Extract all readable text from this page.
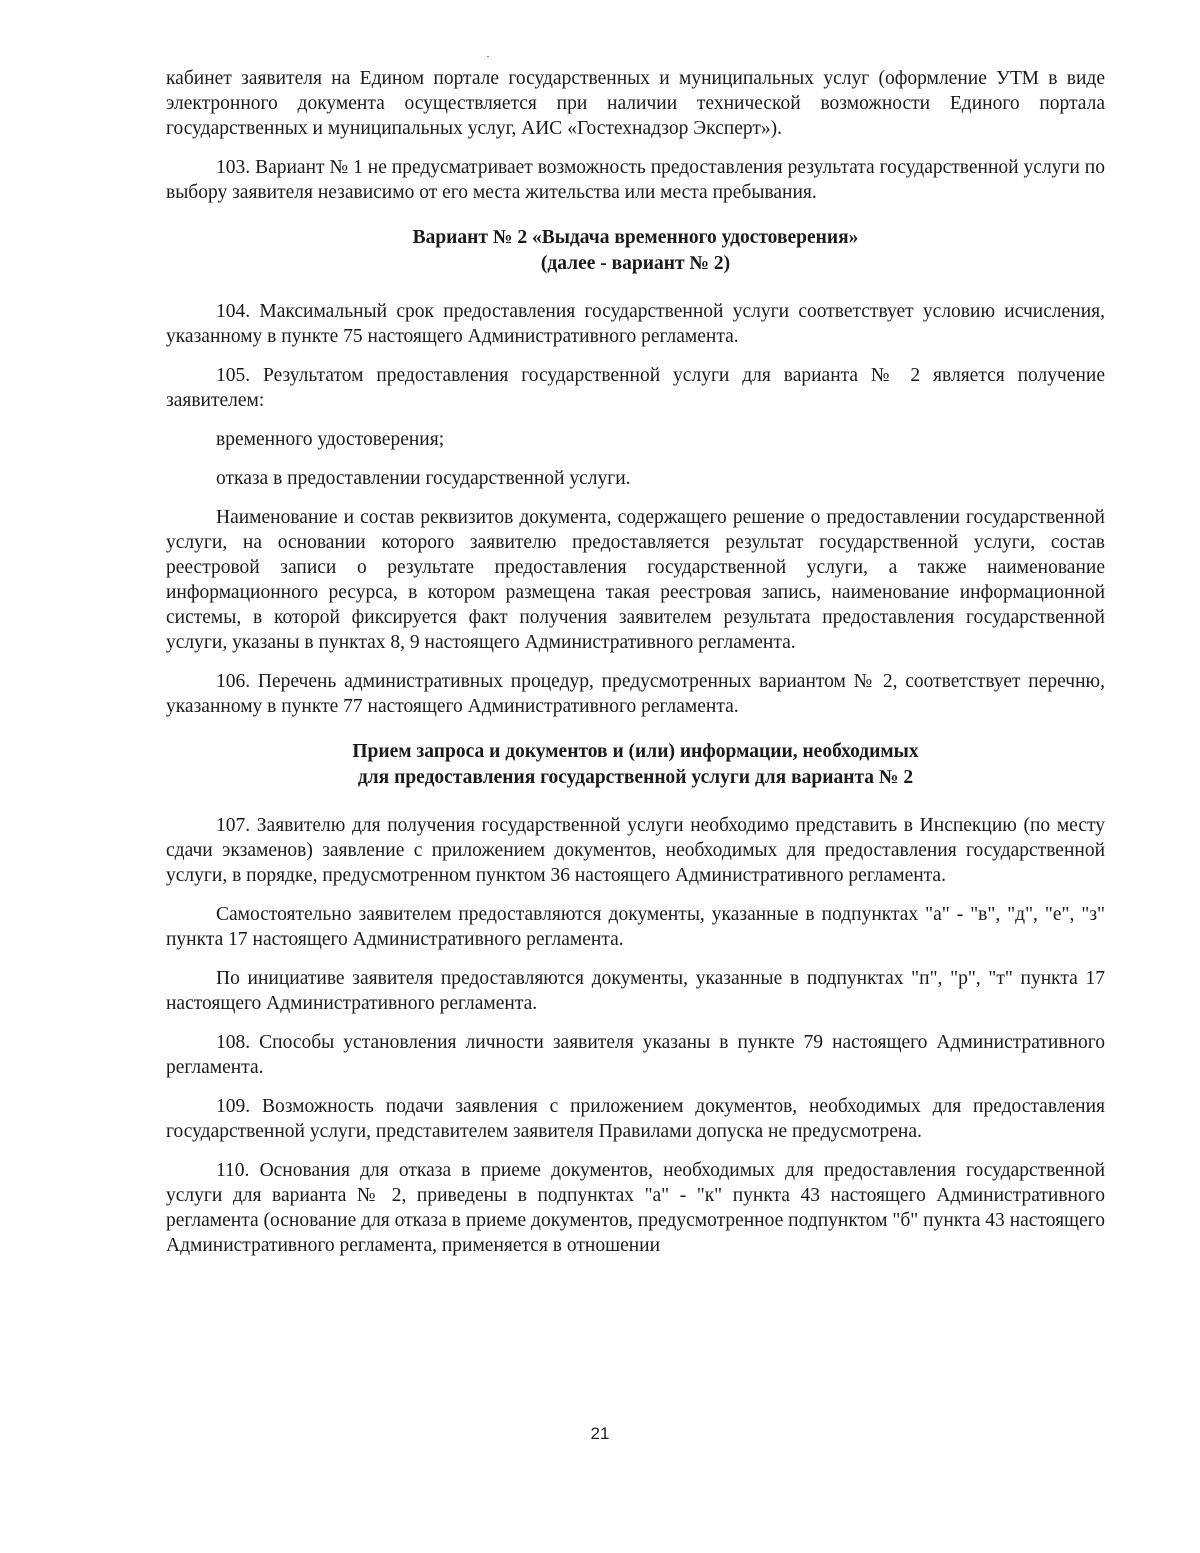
кабинет заявителя на Едином портале государственных и муниципальных услуг (оформление УТМ в виде электронного документа осуществляется при наличии технической возможности Единого портала государственных и муниципальных услуг, АИС «Гостехнадзор Эксперт»).

103. Вариант № 1 не предусматривает возможность предоставления результата государственной услуги по выбору заявителя независимо от его места жительства или места пребывания.

Вариант № 2 «Выдача временного удостоверения»
(далее - вариант № 2)

104. Максимальный срок предоставления государственной услуги соответствует условию исчисления, указанному в пункте 75 настоящего Административного регламента.

105. Результатом предоставления государственной услуги для варианта № 2 является получение заявителем:

временного удостоверения;

отказа в предоставлении государственной услуги.

Наименование и состав реквизитов документа, содержащего решение о предоставлении государственной услуги, на основании которого заявителю предоставляется результат государственной услуги, состав реестровой записи о результате предоставления государственной услуги, а также наименование информационного ресурса, в котором размещена такая реестровая запись, наименование информационной системы, в которой фиксируется факт получения заявителем результата предоставления государственной услуги, указаны в пунктах 8, 9 настоящего Административного регламента.

106. Перечень административных процедур, предусмотренных вариантом № 2, соответствует перечню, указанному в пункте 77 настоящего Административного регламента.

Прием запроса и документов и (или) информации, необходимых
для предоставления государственной услуги для варианта № 2

107. Заявителю для получения государственной услуги необходимо представить в Инспекцию (по месту сдачи экзаменов) заявление с приложением документов, необходимых для предоставления государственной услуги, в порядке, предусмотренном пунктом 36 настоящего Административного регламента.

Самостоятельно заявителем предоставляются документы, указанные в подпунктах "а" - "в", "д", "е", "з" пункта 17 настоящего Административного регламента.

По инициативе заявителя предоставляются документы, указанные в подпунктах "п", "р", "т" пункта 17 настоящего Административного регламента.

108. Способы установления личности заявителя указаны в пункте 79 настоящего Административного регламента.

109. Возможность подачи заявления с приложением документов, необходимых для предоставления государственной услуги, представителем заявителя Правилами допуска не предусмотрена.

110. Основания для отказа в приеме документов, необходимых для предоставления государственной услуги для варианта № 2, приведены в подпунктах "а" - "к" пункта 43 настоящего Административного регламента (основание для отказа в приеме документов, предусмотренное подпунктом "б" пункта 43 настоящего Административного регламента, применяется в отношении

21
